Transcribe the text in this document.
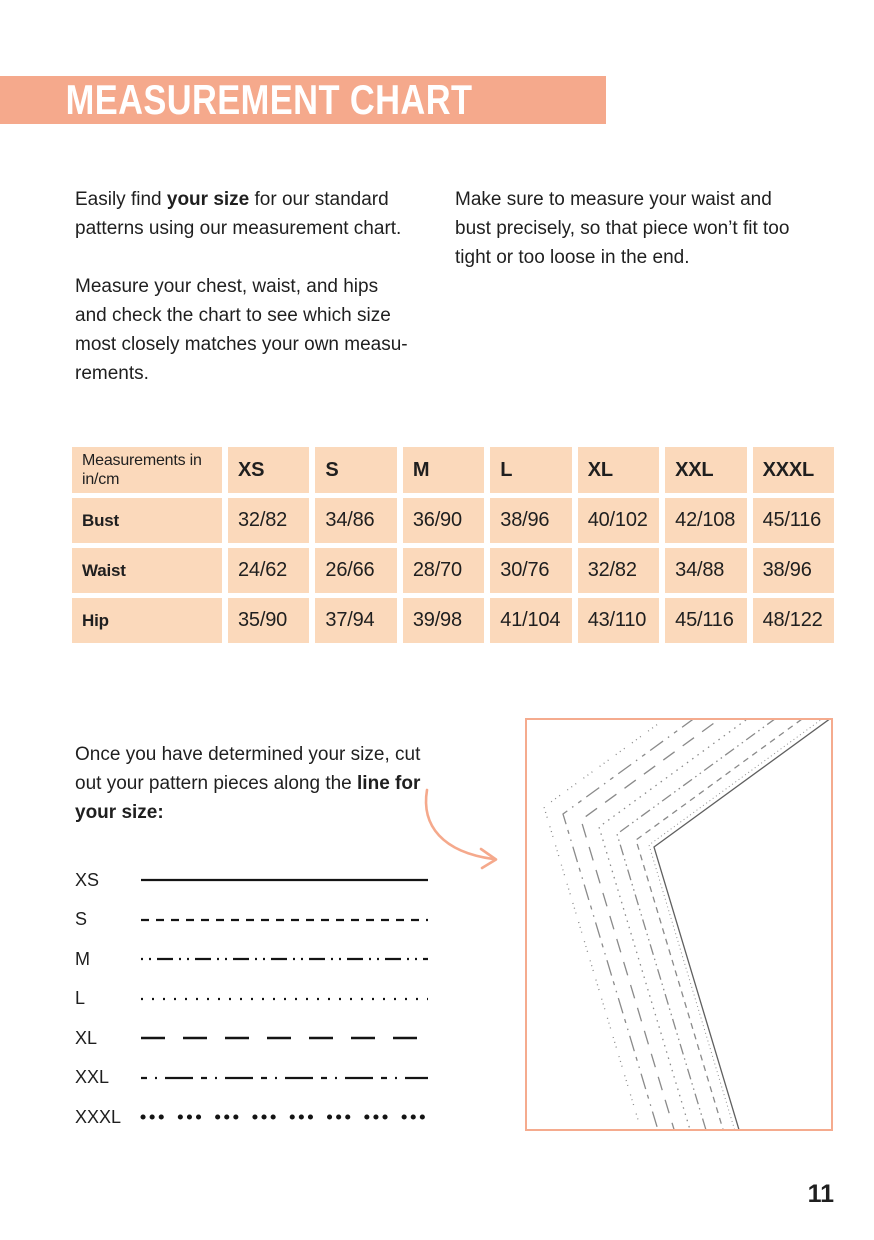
MEASUREMENT CHART

Easily find your size for our standard patterns using our measurement chart.

Measure your chest, waist, and hips and check the chart to see which size most closely matches your own measurements.

Make sure to measure your waist and bust precisely, so that piece won’t fit too tight or too loose in the end.

Measurements in in/cm	XS	S	M	L	XL	XXL	XXXL
Bust	32/82	34/86	36/90	38/96	40/102	42/108	45/116
Waist	24/62	26/66	28/70	30/76	32/82	34/88	38/96
Hip	35/90	37/94	39/98	41/104	43/110	45/116	48/122

Once you have determined your size, cut out your pattern pieces along the line for your size:

XS
S
M
L
XL
XXL
XXXL
11
